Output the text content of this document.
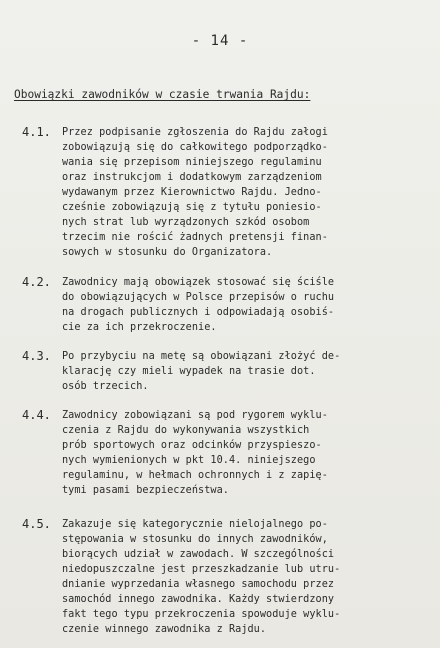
- 14 -
Obowiązki zawodników w czasie trwania Rajdu:
4.1. Przez podpisanie zgłoszenia do Rajdu załogi
zobowiązują się do całkowitego podporządko-
wania się przepisom niniejszego regulaminu
oraz instrukcjom i dodatkowym zarządzeniom
wydawanym przez Kierownictwo Rajdu. Jedno-
cześnie zobowiązują się z tytułu poniesio-
nych strat lub wyrządzonych szkód osobom
trzecim nie rościć żadnych pretensji finan-
sowych w stosunku do Organizatora.
4.2. Zawodnicy mają obowiązek stosować się ściśle
do obowiązujących w Polsce przepisów o ruchu
na drogach publicznych i odpowiadają osobiś-
cie za ich przekroczenie.
4.3. Po przybyciu na metę są obowiązani złożyć de-
klarację czy mieli wypadek na trasie dot.
osób trzecich.
4.4. Zawodnicy zobowiązani są pod rygorem wyklu-
czenia z Rajdu do wykonywania wszystkich
prób sportowych oraz odcinków przyspieszo-
nych wymienionych w pkt 10.4. niniejszego
regulaminu, w hełmach ochronnych i z zapię-
tymi pasami bezpieczeństwa.
4.5. Zakazuje się kategorycznie nielojalnego po-
stępowania w stosunku do innych zawodników,
biorących udział w zawodach. W szczególności
niedopuszczalne jest przeszkadzanie lub utru-
dnianie wyprzedania własnego samochodu przez
samochód innego zawodnika. Każdy stwierdzony
fakt tego typu przekroczenia spowoduje wyklu-
czenie winnego zawodnika z Rajdu.
